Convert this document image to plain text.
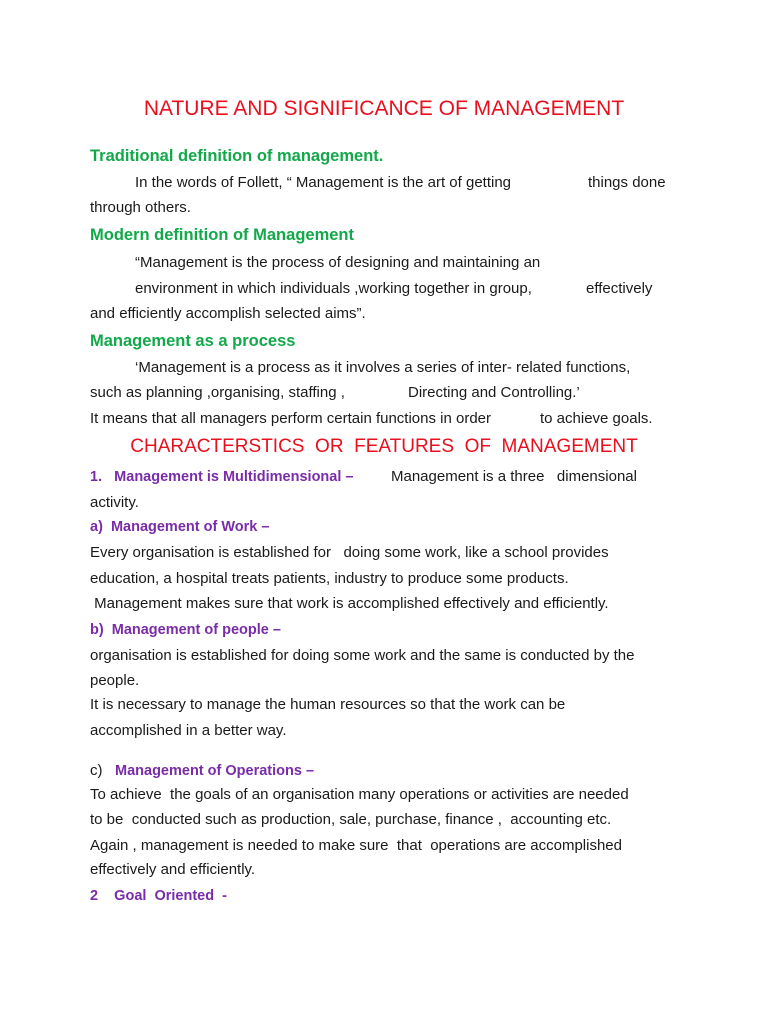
NATURE AND SIGNIFICANCE OF MANAGEMENT
Traditional definition of management.
In the words of Follett, “ Management is the art of getting	things done
through others.
Modern definition of Management
“Management is the process of designing and maintaining an
environment in which individuals ,working together in group,	effectively
and efficiently accomplish selected aims”.
Management as a process
‘Management is a process as it involves a series of inter- related functions,
such as planning ,organising, staffing ,	Directing and Controlling.’
It means that all managers perform certain functions in order	to achieve goals.
CHARACTERSTICS  OR  FEATURES  OF  MANAGEMENT
1.   Management is Multidimensional –	Management is a three   dimensional
activity.
a)  Management of Work –
Every organisation is established for   doing some work, like a school provides
education, a hospital treats patients, industry to produce some products.
Management makes sure that work is accomplished effectively and efficiently.
b)  Management of people –
organisation is established for doing some work and the same is conducted by the
people.
It is necessary to manage the human resources so that the work can be
accomplished in a better way.
c) Management of Operations –
To achieve  the goals of an organisation many operations or activities are needed
to be  conducted such as production, sale, purchase, finance ,  accounting etc.
Again , management is needed to make sure  that  operations are accomplished
effectively and efficiently.
2    Goal  Oriented  -
